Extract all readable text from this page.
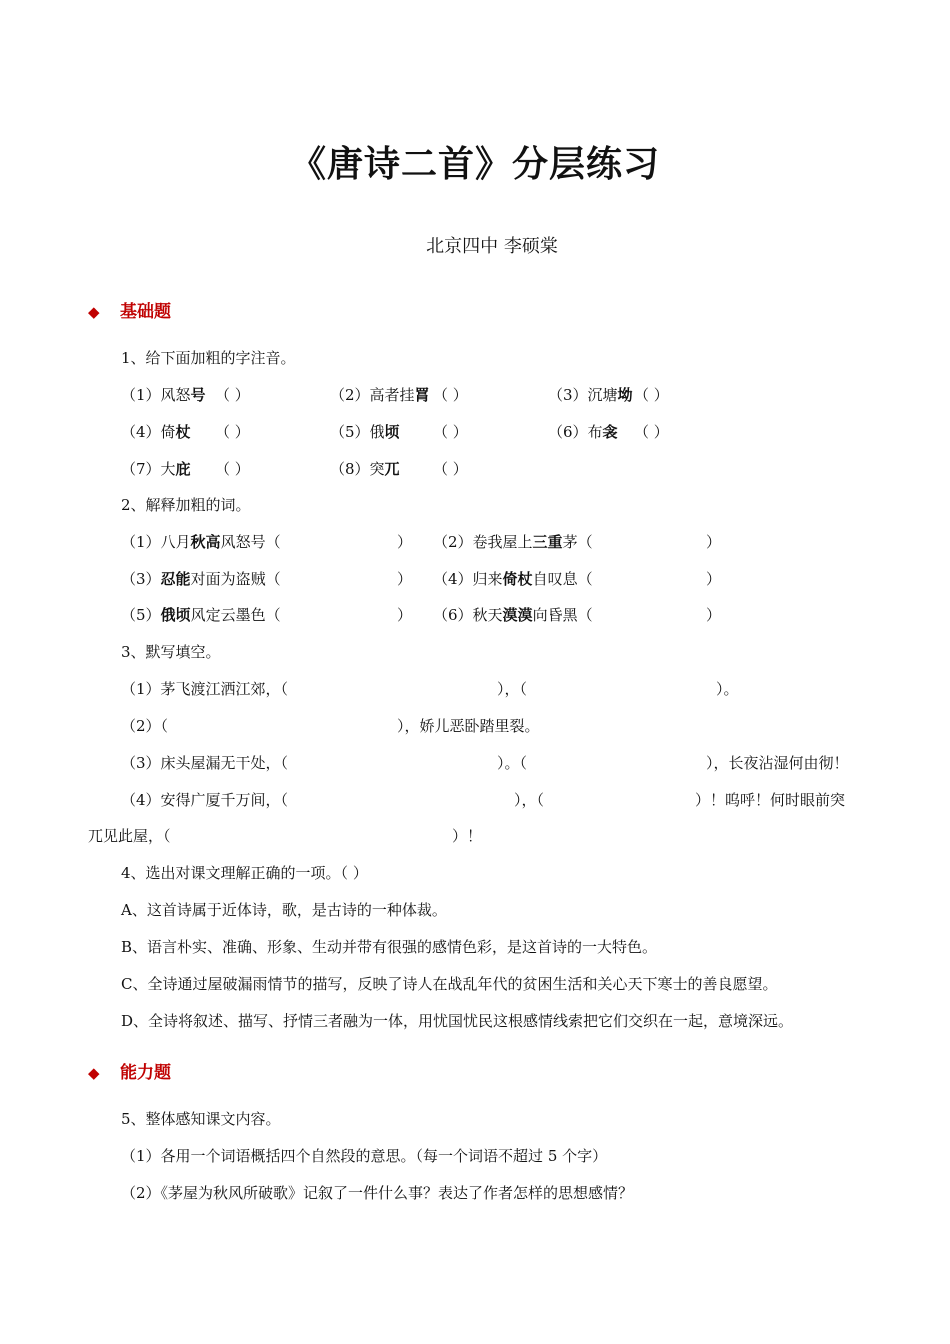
《唐诗二首》分层练习
北京四中 李硕棠
◆ 基础题
1、给下面加粗的字注音。
（1）风怒号 （ ）	（2）高者挂罥 （ ）	（3）沉塘坳 （ ）
（4）倚杖 （ ）	（5）俄顷 （ ）	（6）布衾 （ ）
（7）大庇 （ ）	（8）突兀 （ ）
2、解释加粗的词。
（1）八月秋高风怒号（	） （2）卷我屋上三重茅（	）
（3）忍能对面为盗贼（	） （4）归来倚杖自叹息（	）
（5）俄顷风定云墨色（	） （6）秋天漠漠向昏黑（	）
3、默写填空。
（1）茅飞渡江洒江郊，（	），（	）。
（2）（	），娇儿恶卧踏里裂。
（3）床头屋漏无干处，（	）。（	），长夜沾湿何由彻！
（4）安得广厦千万间，（	），（	）！呜呼！何时眼前突
兀见此屋，（	）！
4、选出对课文理解正确的一项。（ ）
A、这首诗属于近体诗，歌，是古诗的一种体裁。
B、语言朴实、准确、形象、生动并带有很强的感情色彩，是这首诗的一大特色。
C、全诗通过屋破漏雨情节的描写，反映了诗人在战乱年代的贫困生活和关心天下寒士的善良愿望。
D、全诗将叙述、描写、抒情三者融为一体，用忧国忧民这根感情线索把它们交织在一起，意境深远。
◆ 能力题
5、整体感知课文内容。
（1）各用一个词语概括四个自然段的意思。（每一个词语不超过 5 个字）
（2）《茅屋为秋风所破歌》记叙了一件什么事？表达了作者怎样的思想感情？
